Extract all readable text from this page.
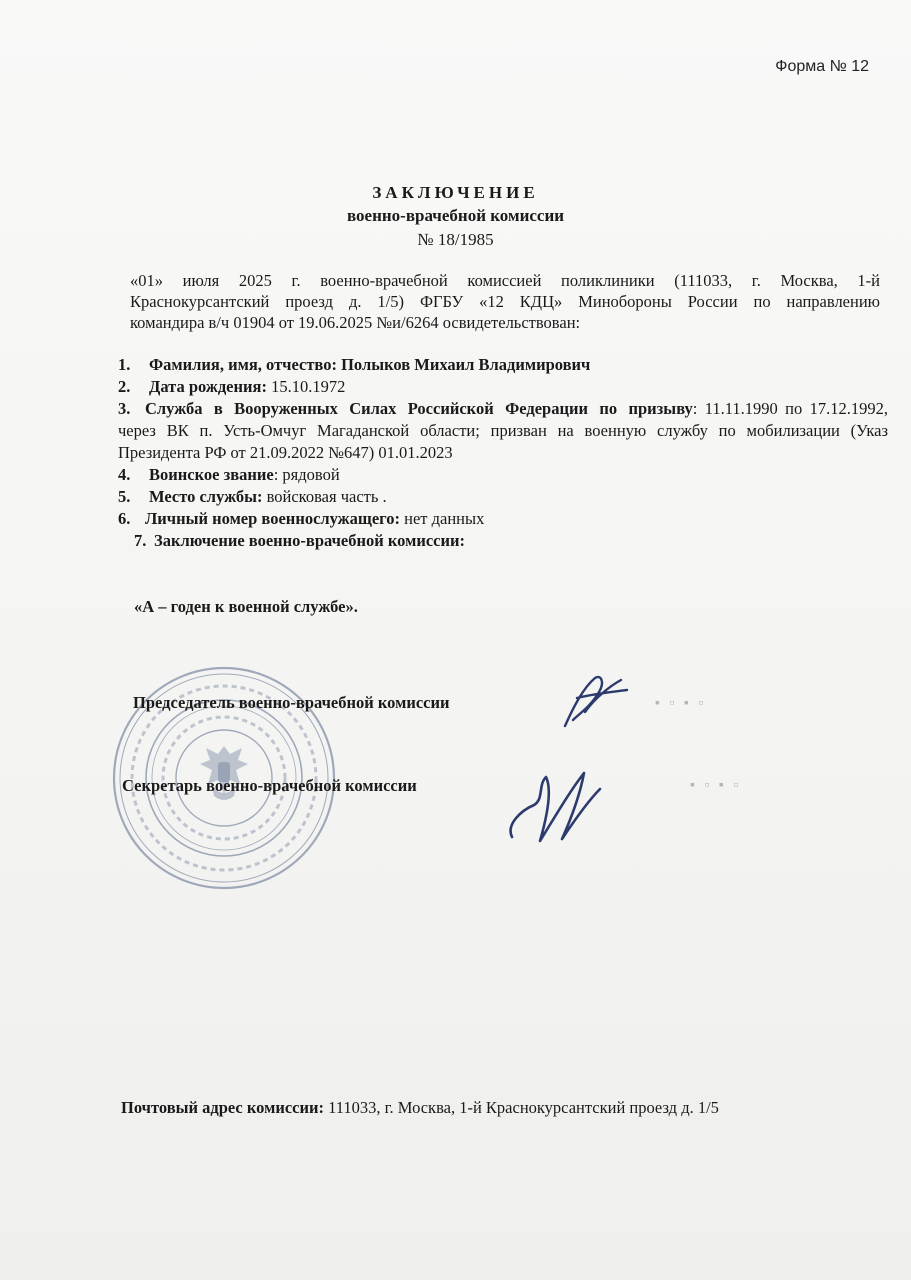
Форма № 12
ЗАКЛЮЧЕНИЕ
военно-врачебной комиссии
№ 18/1985
«01» июля 2025 г. военно-врачебной комиссией поликлиники (111033, г. Москва, 1-й
Краснокурсантский проезд д. 1/5) ФГБУ «12 КДЦ» Минобороны России по направлению
командира в/ч 01904 от 19.06.2025 №и/6264 освидетельствован:
1.	Фамилия, имя, отчество: Полыков Михаил Владимирович
2.	Дата рождения: 15.10.1972
3. Служба в Вооруженных Силах Российской Федерации по призыву: 11.11.1990 по 17.12.1992, через ВК п. Усть-Омчуг Магаданской области; призван на военную службу по мобилизации (Указ Президента РФ от 21.09.2022 №647) 01.01.2023
4.	Воинское звание: рядовой
5.	Место службы: войсковая часть .
6. Личный номер военнослужащего: нет данных
7. Заключение военно-врачебной комиссии:
«А – годен к военной службе».
Председатель военно-врачебной комиссии
Секретарь военно-врачебной комиссии
▪ ▫ ▪ ▫
▪ ▫ ▪ ▫
Почтовый адрес комиссии: 111033, г. Москва, 1-й Краснокурсантский проезд д. 1/5
